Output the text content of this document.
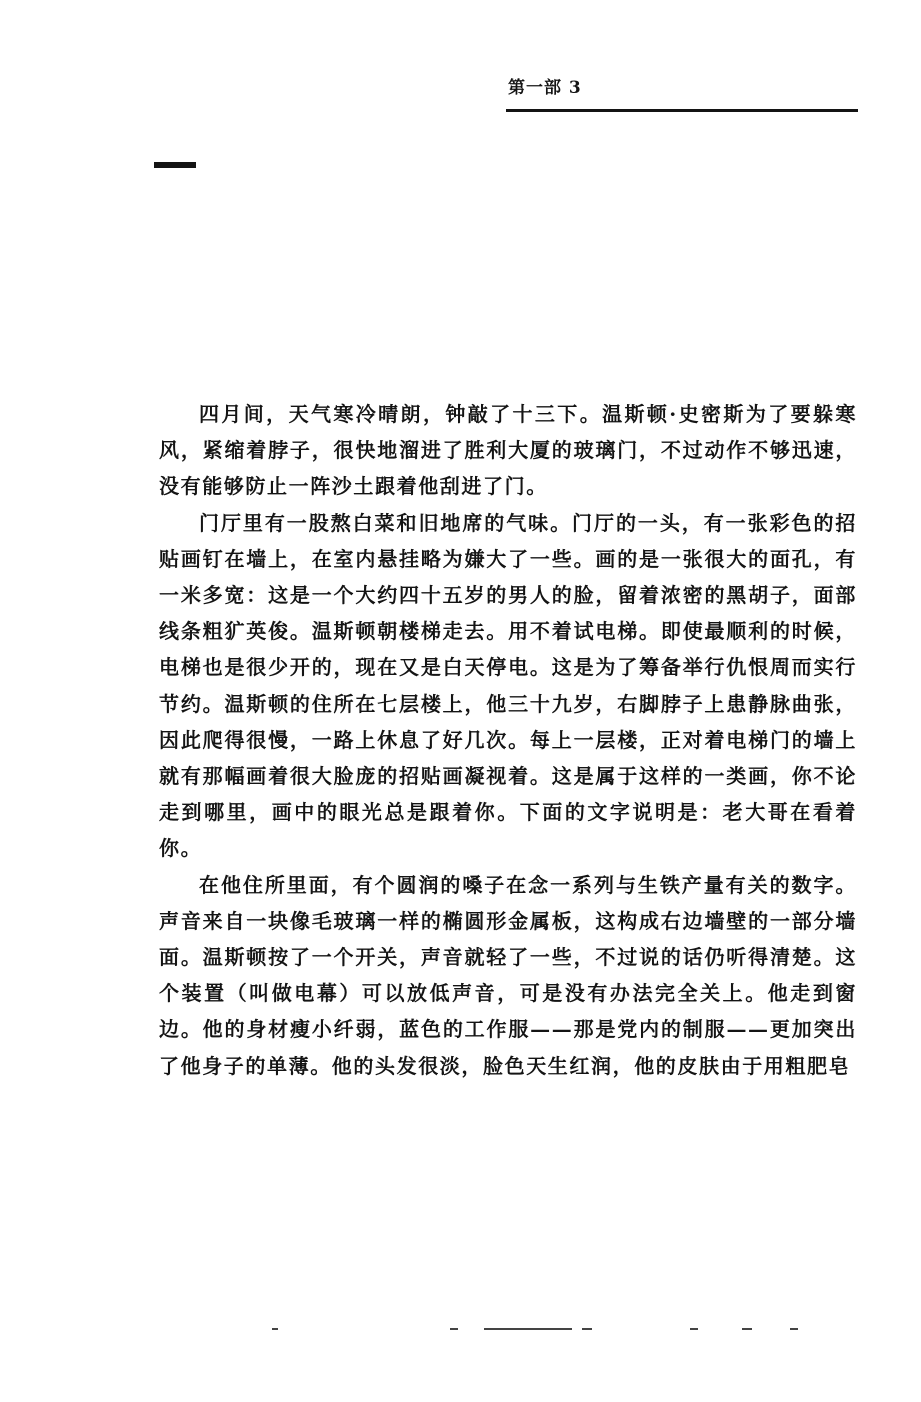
第一部 3

四月间，天气寒冷晴朗，钟敲了十三下。温斯顿·史密斯为了要躲寒风，紧缩着脖子，很快地溜进了胜利大厦的玻璃门，不过动作不够迅速，没有能够防止一阵沙土跟着他刮进了门。

门厅里有一股熬白菜和旧地席的气味。门厅的一头，有一张彩色的招贴画钉在墙上，在室内悬挂略为嫌大了一些。画的是一张很大的面孔，有一米多宽：这是一个大约四十五岁的男人的脸，留着浓密的黑胡子，面部线条粗犷英俊。温斯顿朝楼梯走去。用不着试电梯。即使最顺利的时候，电梯也是很少开的，现在又是白天停电。这是为了筹备举行仇恨周而实行节约。温斯顿的住所在七层楼上，他三十九岁，右脚脖子上患静脉曲张，因此爬得很慢，一路上休息了好几次。每上一层楼，正对着电梯门的墙上就有那幅画着很大脸庞的招贴画凝视着。这是属于这样的一类画，你不论走到哪里，画中的眼光总是跟着你。下面的文字说明是：老大哥在看着你。

在他住所里面，有个圆润的嗓子在念一系列与生铁产量有关的数字。声音来自一块像毛玻璃一样的椭圆形金属板，这构成右边墙壁的一部分墙面。温斯顿按了一个开关，声音就轻了一些，不过说的话仍听得清楚。这个装置（叫做电幕）可以放低声音，可是没有办法完全关上。他走到窗边。他的身材瘦小纤弱，蓝色的工作服——那是党内的制服——更加突出了他身子的单薄。他的头发很淡，脸色天生红润，他的皮肤由于用粗肥皂
